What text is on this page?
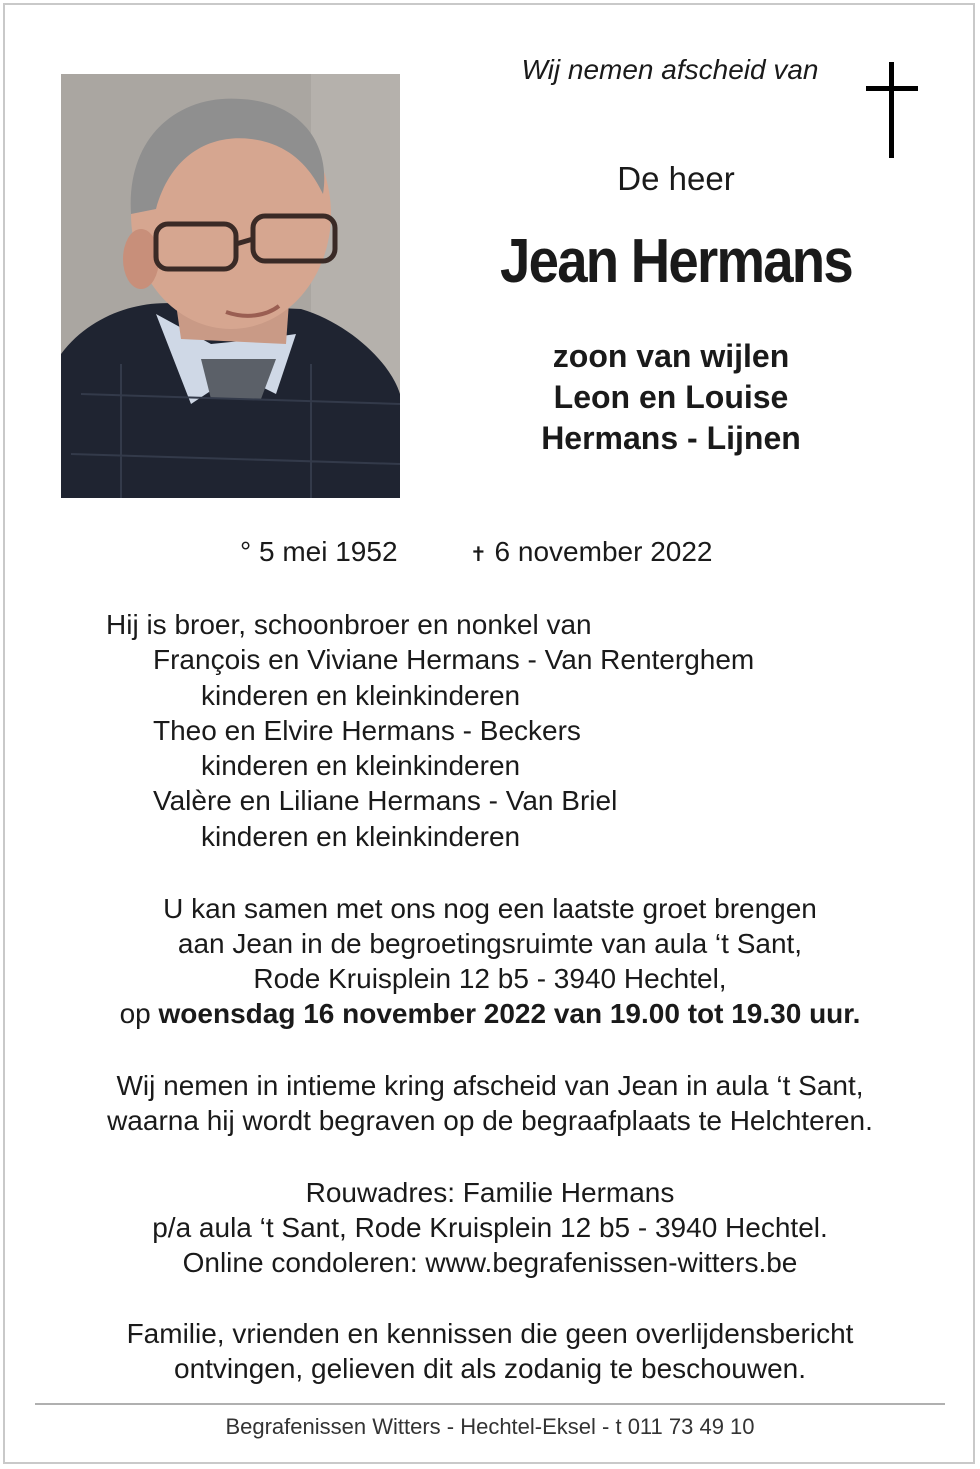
Wij nemen afscheid van
De heer
Jean Hermans
zoon van wijlen
Leon en Louise
Hermans - Lijnen
° 5 mei 1952	✝ 6 november 2022
Hij is broer, schoonbroer en nonkel van
François en Viviane Hermans - Van Renterghem
kinderen en kleinkinderen
Theo en Elvire Hermans - Beckers
kinderen en kleinkinderen
Valère en Liliane Hermans - Van Briel
kinderen en kleinkinderen
U kan samen met ons nog een laatste groet brengen
aan Jean in de begroetingsruimte van aula ‘t Sant,
Rode Kruisplein 12 b5 - 3940 Hechtel,
op woensdag 16 november 2022 van 19.00 tot 19.30 uur.
Wij nemen in intieme kring afscheid van Jean in aula ‘t Sant,
waarna hij wordt begraven op de begraafplaats te Helchteren.
Rouwadres: Familie Hermans
p/a aula ‘t Sant, Rode Kruisplein 12 b5 - 3940 Hechtel.
Online condoleren: www.begrafenissen-witters.be
Familie, vrienden en kennissen die geen overlijdensbericht
ontvingen, gelieven dit als zodanig te beschouwen.
Begrafenissen Witters - Hechtel-Eksel - t 011 73 49 10
